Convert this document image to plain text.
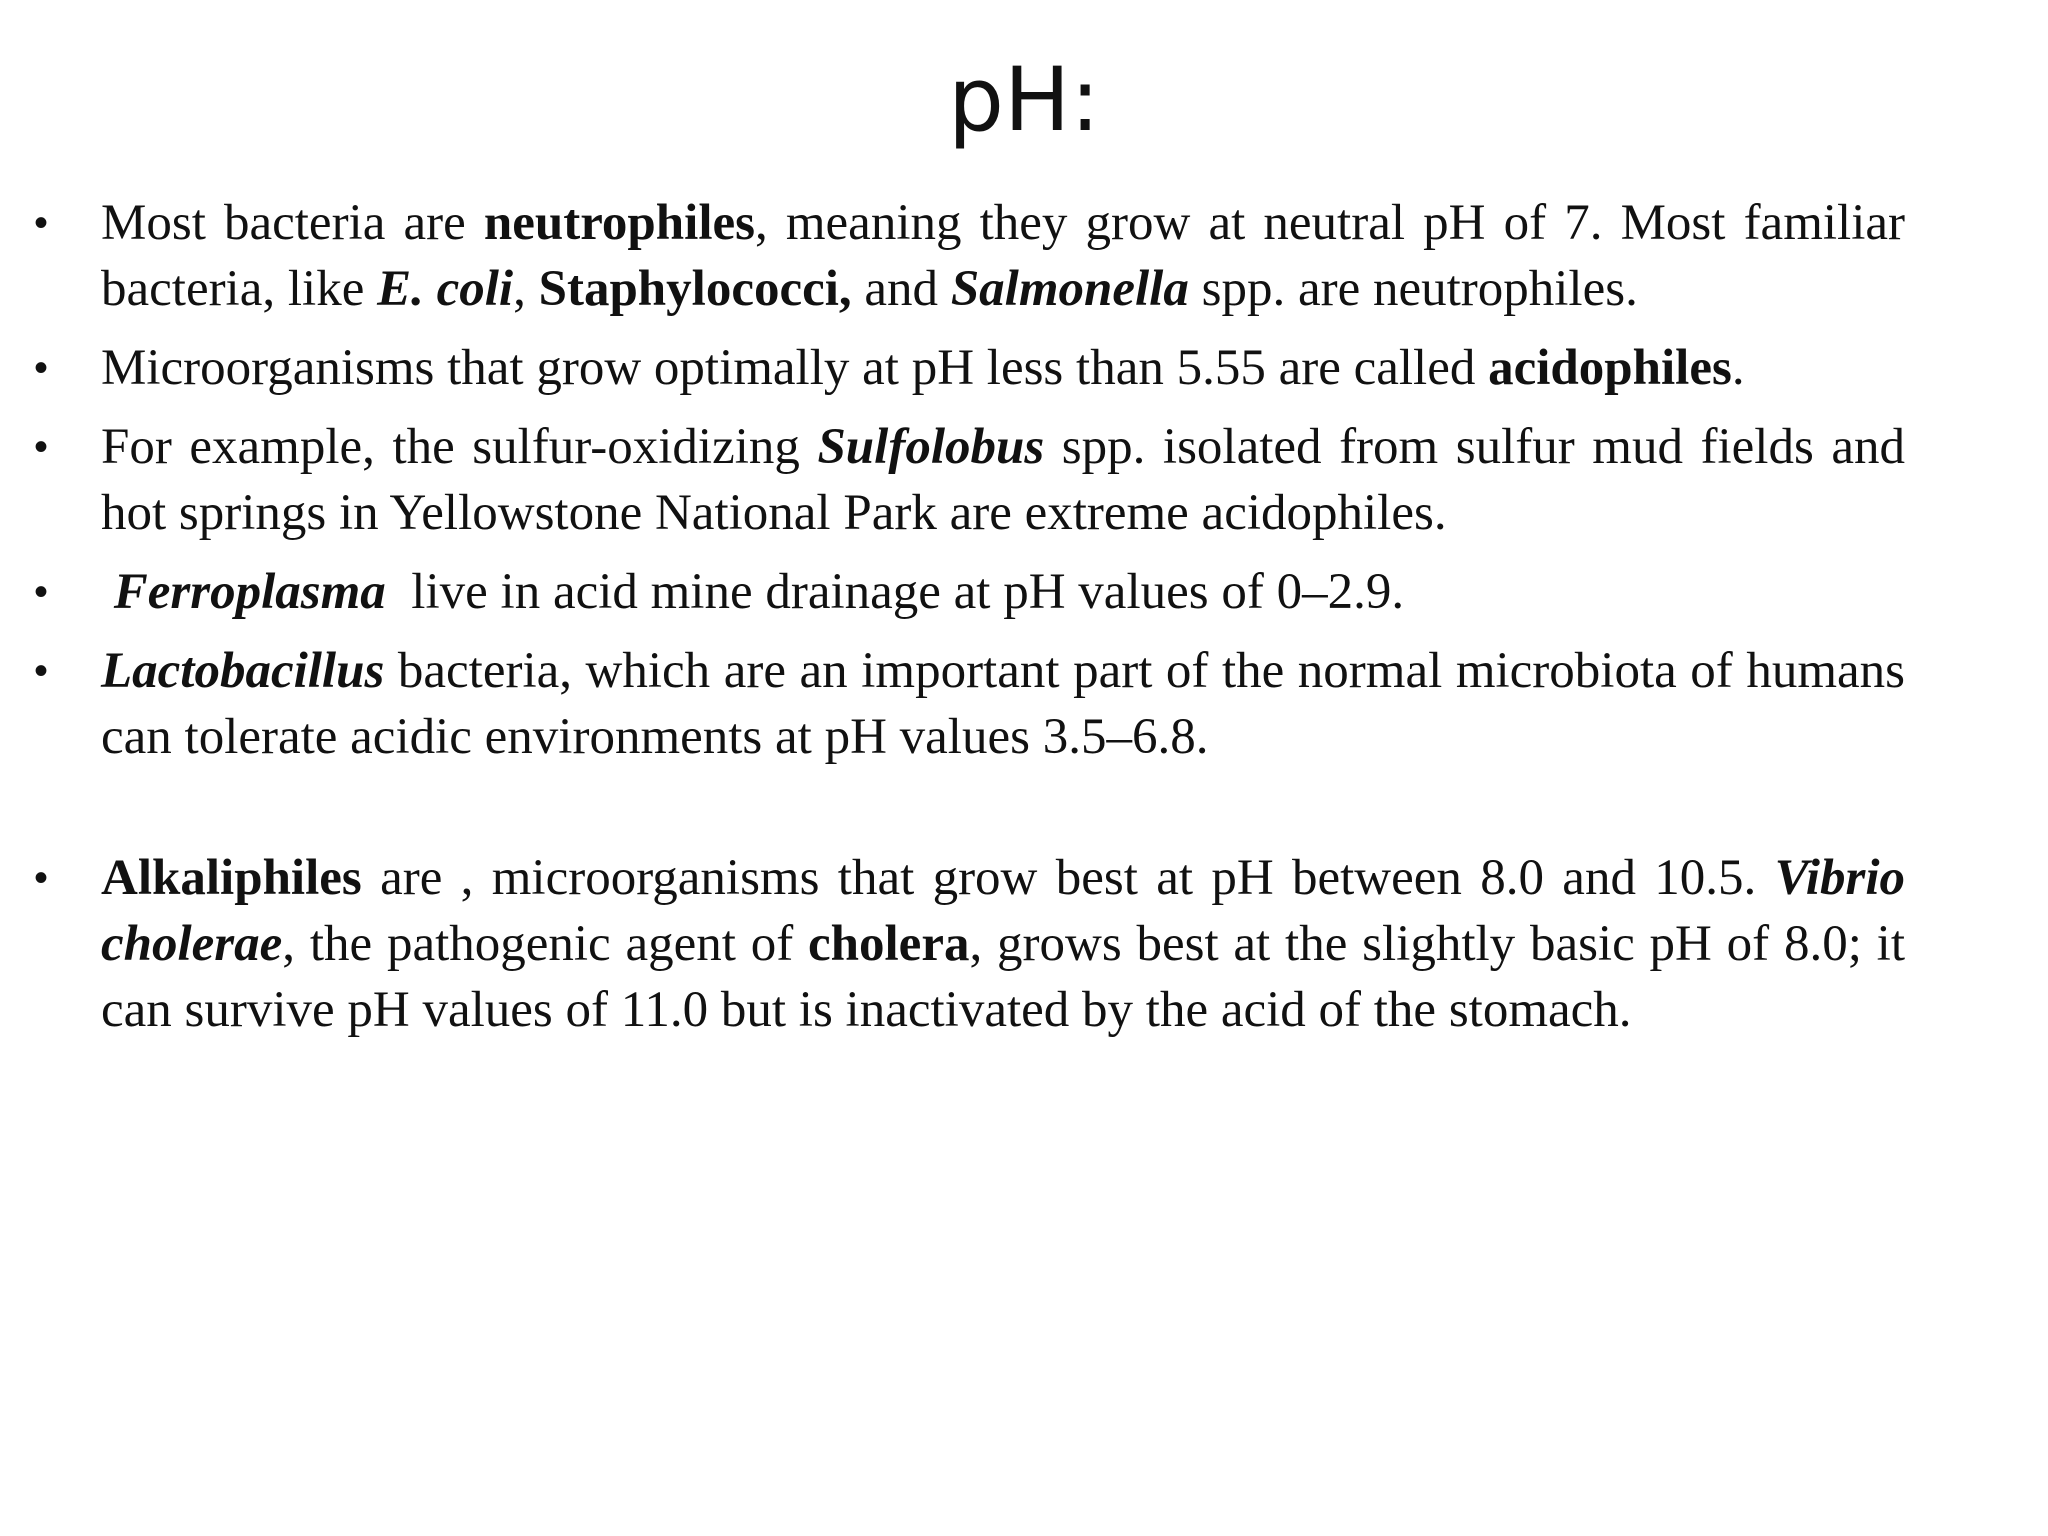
pH:
• Most bacteria are neutrophiles, meaning they grow at neutral pH of 7. Most familiar bacteria, like E. coli, Staphylococci, and Salmonella spp. are neutrophiles.
• Microorganisms that grow optimally at pH less than 5.55 are called acidophiles.
• For example, the sulfur-oxidizing Sulfolobus spp. isolated from sulfur mud fields and hot springs in Yellowstone National Park are extreme acidophiles.
• Ferroplasma  live in acid mine drainage at pH values of 0–2.9.
• Lactobacillus bacteria, which are an important part of the normal microbiota of humans can tolerate acidic environments at pH values 3.5–6.8.
• Alkaliphiles are , microorganisms that grow best at pH between 8.0 and 10.5. Vibrio cholerae, the pathogenic agent of cholera, grows best at the slightly basic pH of 8.0; it can survive pH values of 11.0 but is inactivated by the acid of the stomach.
